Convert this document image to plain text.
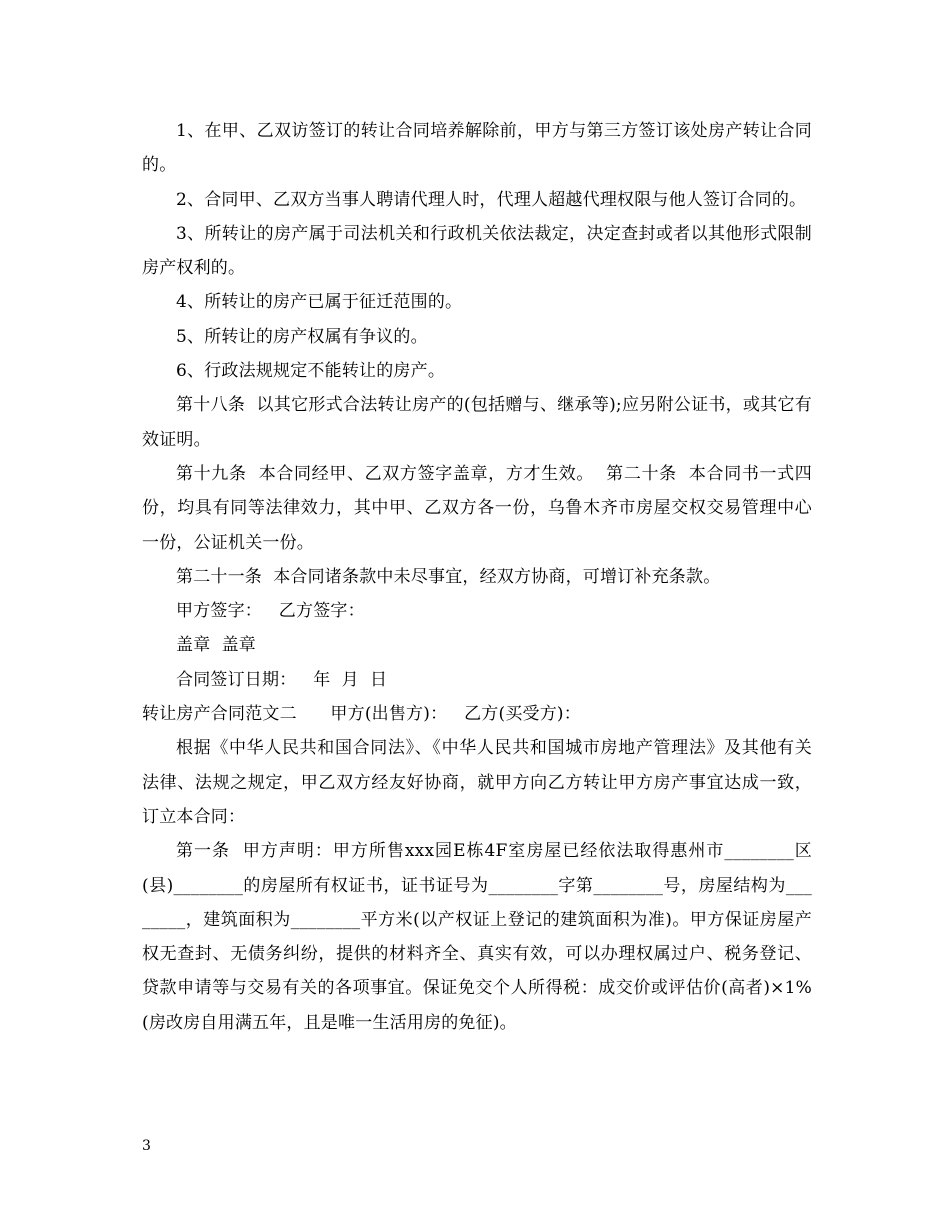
1、在甲、乙双访签订的转让合同培养解除前，甲方与第三方签订该处房产转让合同的。

2、合同甲、乙双方当事人聘请代理人时，代理人超越代理权限与他人签订合同的。

3、所转让的房产属于司法机关和行政机关依法裁定，决定查封或者以其他形式限制房产权利的。

4、所转让的房产已属于征迁范围的。

5、所转让的房产权属有争议的。

6、行政法规规定不能转让的房产。

第十八条  以其它形式合法转让房产的(包括赠与、继承等);应另附公证书，或其它有效证明。

第十九条  本合同经甲、乙双方签字盖章，方才生效。  第二十条  本合同书一式四份，均具有同等法律效力，其中甲、乙双方各一份，乌鲁木齐市房屋交权交易管理中心一份，公证机关一份。

第二十一条  本合同诸条款中未尽事宜，经双方协商，可增订补充条款。

甲方签字：   乙方签字：

盖章  盖章

合同签订日期：   年  月  日

转让房产合同范文二      甲方(出售方)：   乙方(买受方)：

根据《中华人民共和国合同法》、《中华人民共和国城市房地产管理法》及其他有关法律、法规之规定，甲乙双方经友好协商，就甲方向乙方转让甲方房产事宜达成一致，订立本合同：

第一条  甲方声明：甲方所售xxx园E栋4F室房屋已经依法取得惠州市________区(县)________的房屋所有权证书，证书证号为________字第________号，房屋结构为________，建筑面积为________平方米(以产权证上登记的建筑面积为准)。甲方保证房屋产权无查封、无债务纠纷，提供的材料齐全、真实有效，可以办理权属过户、税务登记、贷款申请等与交易有关的各项事宜。保证免交个人所得税：成交价或评估价(高者)×1%(房改房自用满五年，且是唯一生活用房的免征)。

3
